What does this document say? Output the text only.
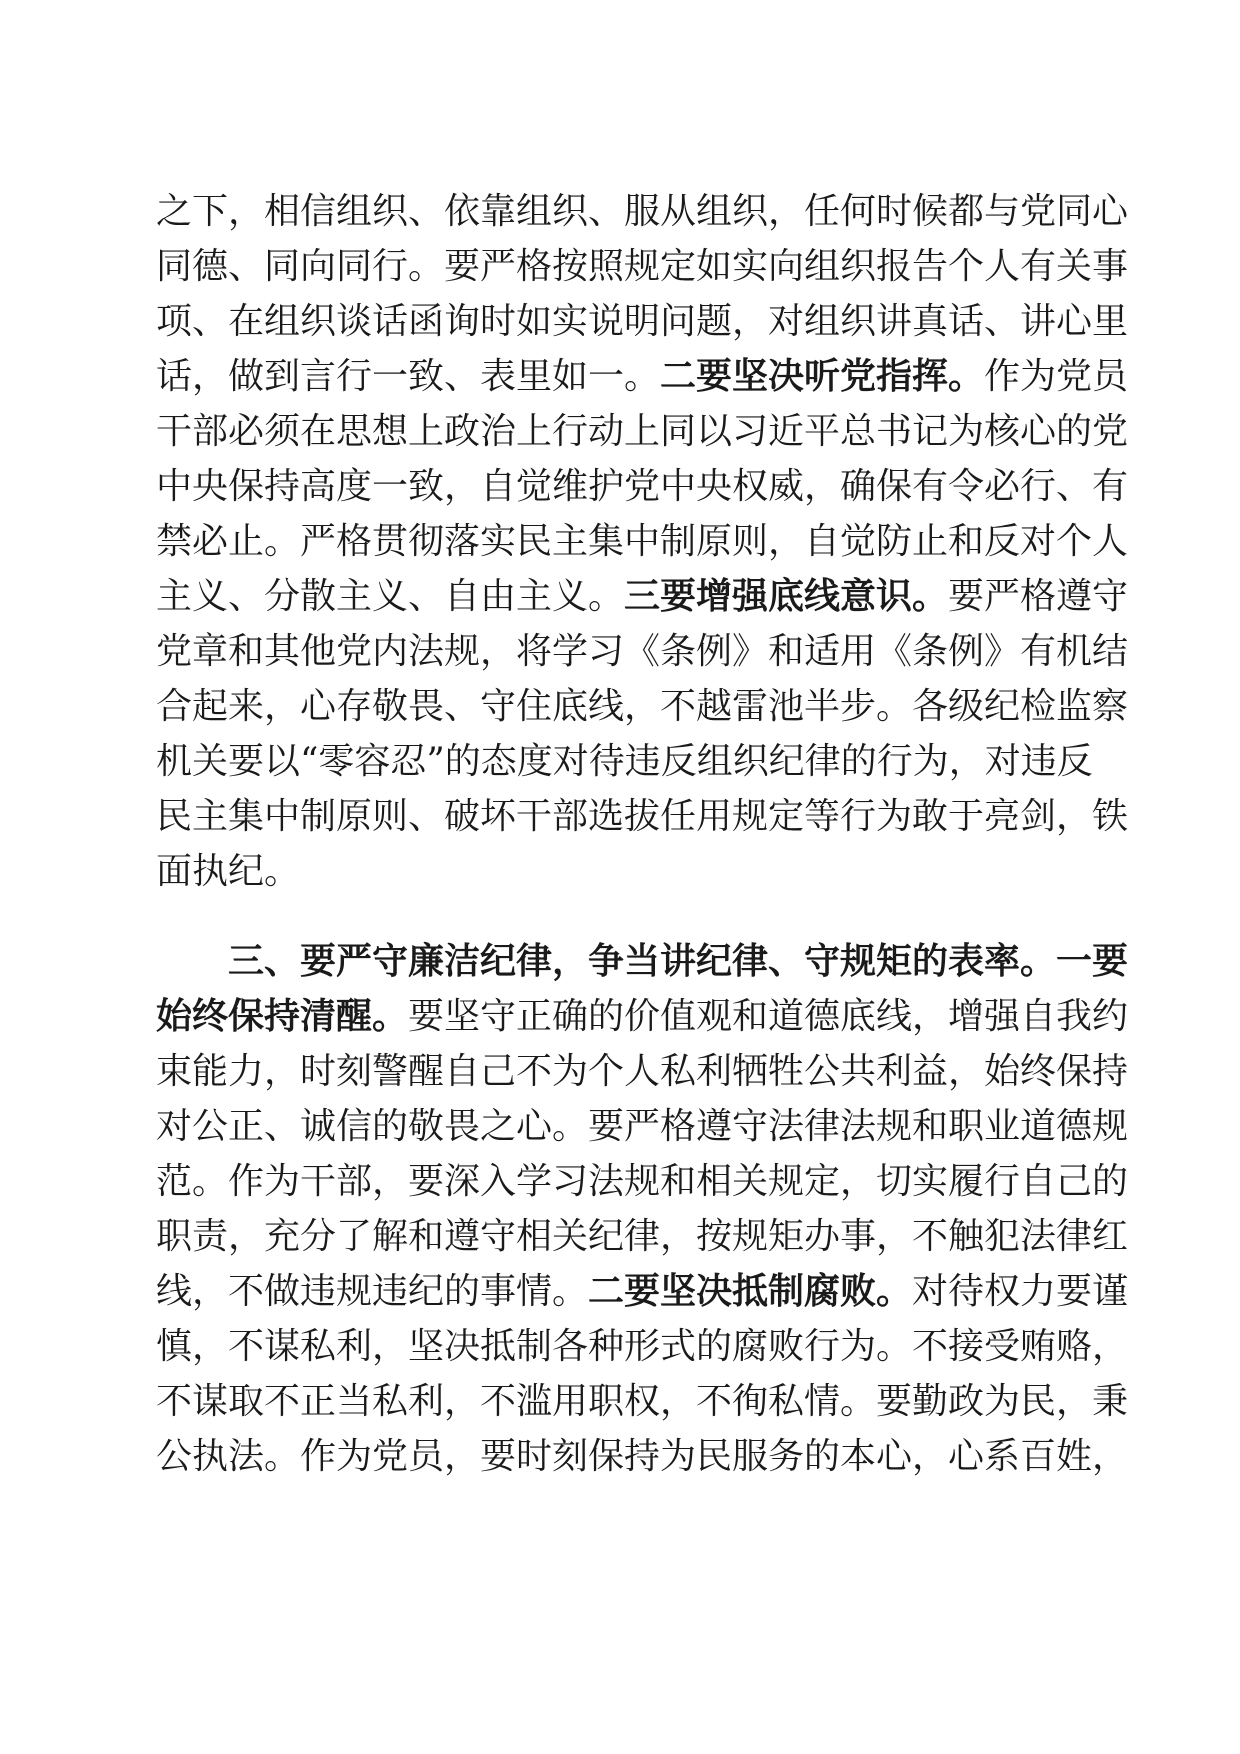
之下，相信组织、依靠组织、服从组织，任何时候都与党同心
同德、同向同行。要严格按照规定如实向组织报告个人有关事
项、在组织谈话函询时如实说明问题，对组织讲真话、讲心里
话，做到言行一致、表里如一。二要坚决听党指挥。作为党员
干部必须在思想上政治上行动上同以习近平总书记为核心的党
中央保持高度一致，自觉维护党中央权威，确保有令必行、有
禁必止。严格贯彻落实民主集中制原则，自觉防止和反对个人
主义、分散主义、自由主义。三要增强底线意识。要严格遵守
党章和其他党内法规，将学习《条例》和适用《条例》有机结
合起来，心存敬畏、守住底线，不越雷池半步。各级纪检监察
机关要以“零容忍”的态度对待违反组织纪律的行为，对违反
民主集中制原则、破坏干部选拔任用规定等行为敢于亮剑，铁
面执纪。
三、要严守廉洁纪律，争当讲纪律、守规矩的表率。一要
始终保持清醒。要坚守正确的价值观和道德底线，增强自我约
束能力，时刻警醒自己不为个人私利牺牲公共利益，始终保持
对公正、诚信的敬畏之心。要严格遵守法律法规和职业道德规
范。作为干部，要深入学习法规和相关规定，切实履行自己的
职责，充分了解和遵守相关纪律，按规矩办事，不触犯法律红
线，不做违规违纪的事情。二要坚决抵制腐败。对待权力要谨
慎，不谋私利，坚决抵制各种形式的腐败行为。不接受贿赂，
不谋取不正当私利，不滥用职权，不徇私情。要勤政为民，秉
公执法。作为党员，要时刻保持为民服务的本心，心系百姓，
